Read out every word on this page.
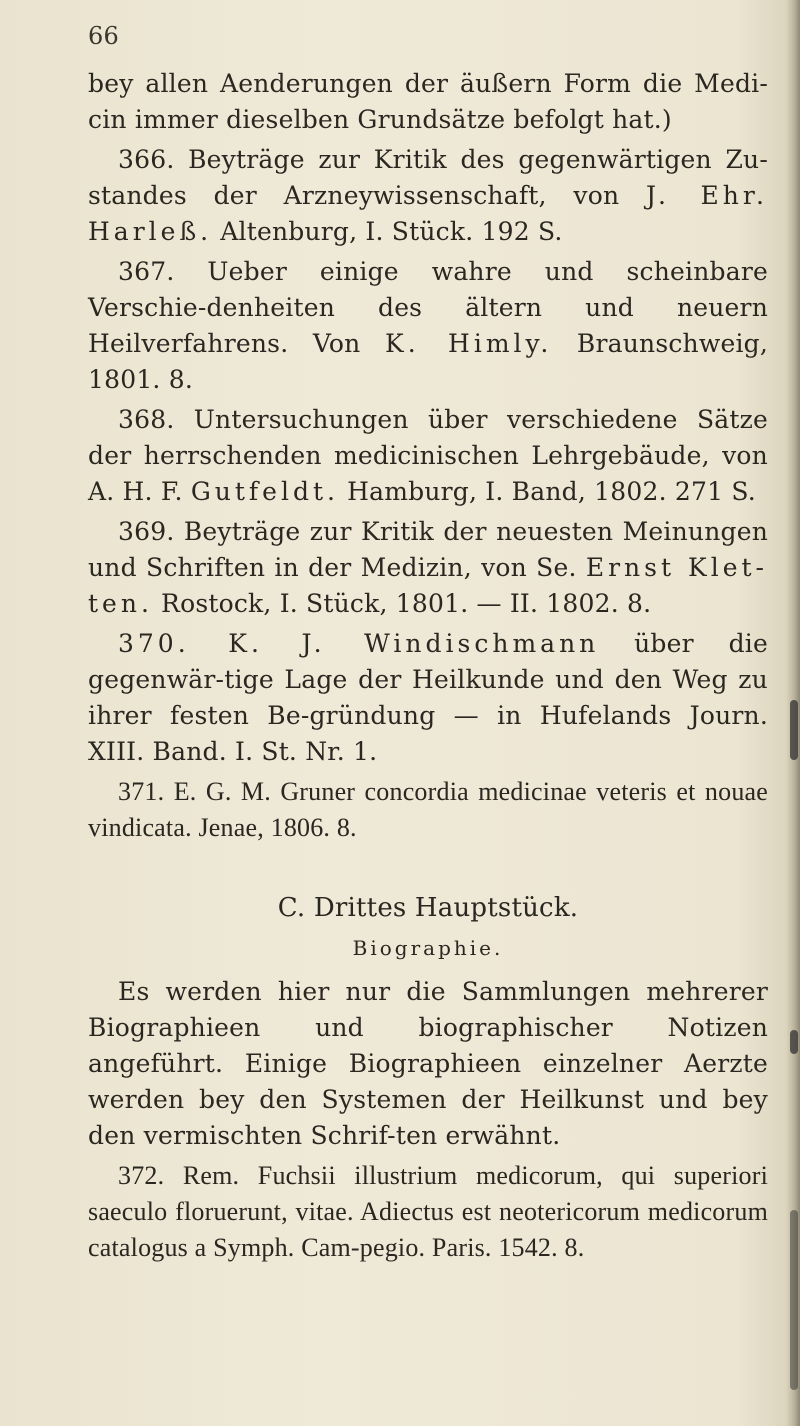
66

bey allen Aenderungen der äußern Form die Medi-cin immer dieselben Grundsätze befolgt hat.)

366. Beyträge zur Kritik des gegenwärtigen Zu-standes der Arzneywissenschaft, von J. Ehr. Harleß. Altenburg, I. Stück. 192 S.

367. Ueber einige wahre und scheinbare Verschie-denheiten des ältern und neuern Heilverfahrens. Von K. Himly. Braunschweig, 1801. 8.

368. Untersuchungen über verschiedene Sätze der herrschenden medicinischen Lehrgebäude, von A. H. F. Gutfeldt. Hamburg, I. Band, 1802. 271 S.

369. Beyträge zur Kritik der neuesten Meinungen und Schriften in der Medizin, von Se. Ernst Klet-ten. Rostock, I. Stück, 1801. — II. 1802. 8.

370. K. J. Windischmann über die gegenwär-tige Lage der Heilkunde und den Weg zu ihrer festen Be-gründung — in Hufelands Journ. XIII. Band. I. St. Nr. 1.

371. E. G. M. Gruner concordia medicinae veteris et nouae vindicata. Jenae, 1806. 8.

C. Drittes Hauptstück.
Biographie.

Es werden hier nur die Sammlungen mehrerer Biographieen und biographischer Notizen angeführt. Einige Biographieen einzelner Aerzte werden bey den Systemen der Heilkunst und bey den vermischten Schrif-ten erwähnt.

372. Rem. Fuchsii illustrium medicorum, qui superiori saeculo floruerunt, vitae. Adiectus est neotericorum medicorum catalogus a Symph. Cam-pegio. Paris. 1542. 8.
